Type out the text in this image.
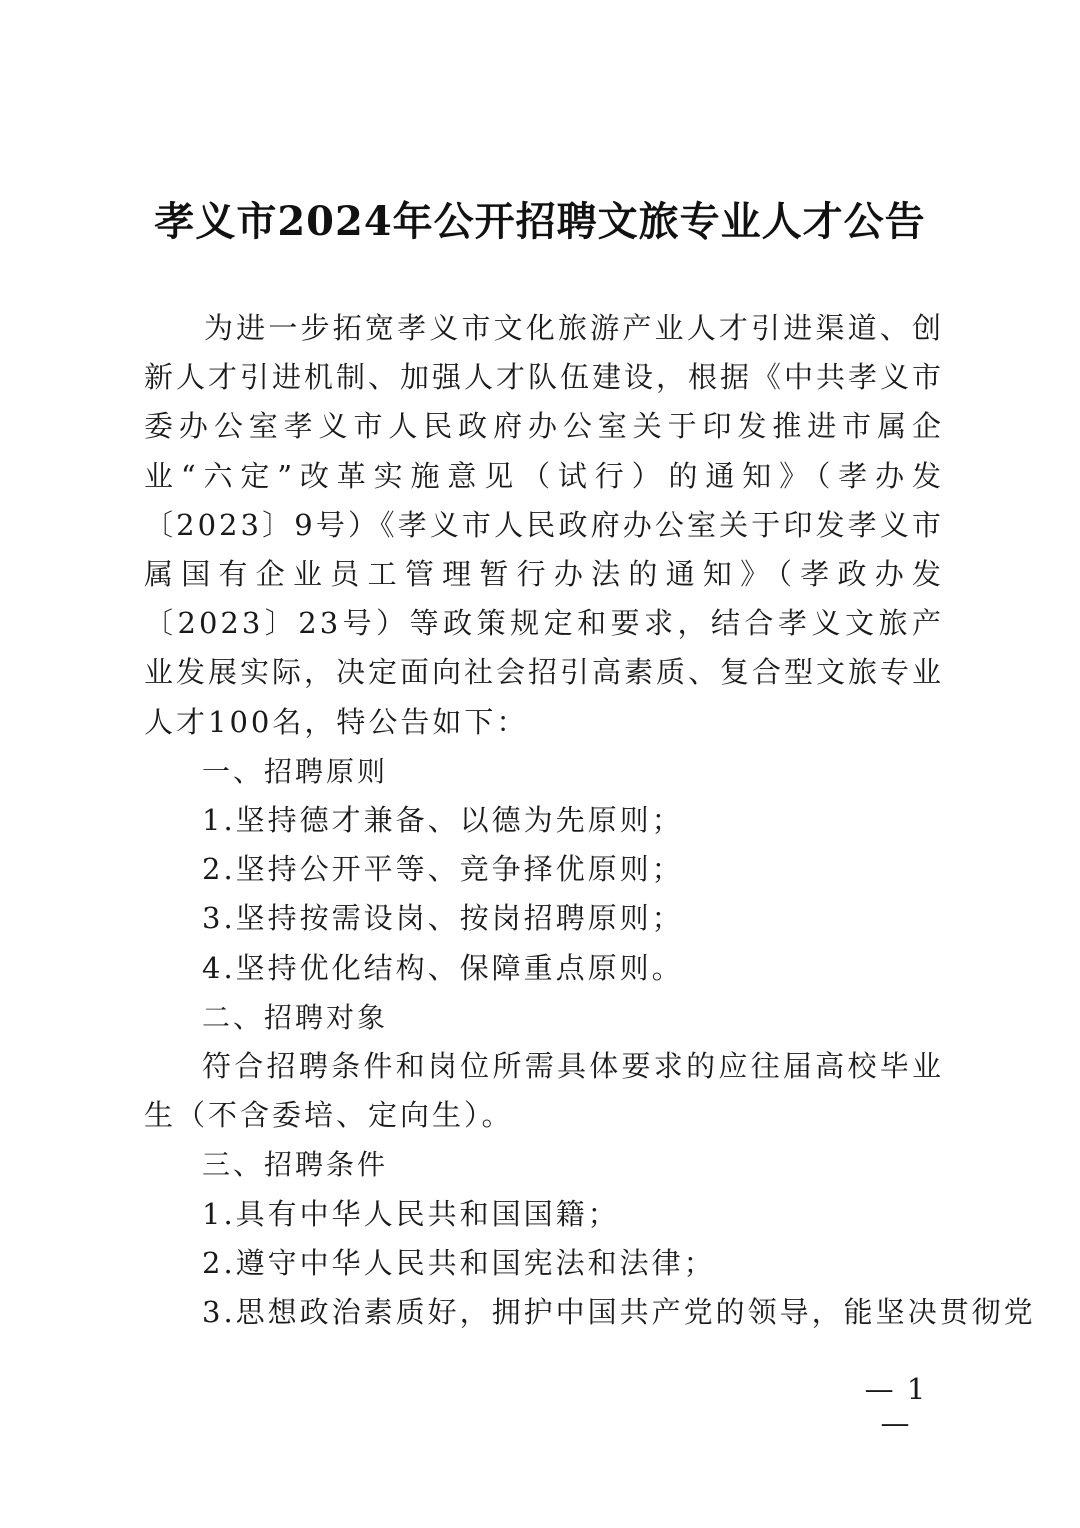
孝义市2024年公开招聘文旅专业人才公告

为进一步拓宽孝义市文化旅游产业人才引进渠道、创新人才引进机制、加强人才队伍建设，根据《中共孝义市委办公室孝义市人民政府办公室关于印发推进市属企业“六定”改革实施意见（试行）的通知》（孝办发〔2023〕9号）《孝义市人民政府办公室关于印发孝义市属国有企业员工管理暂行办法的通知》（孝政办发〔2023〕23号）等政策规定和要求，结合孝义文旅产业发展实际，决定面向社会招引高素质、复合型文旅专业人才100名，特公告如下：

一、招聘原则

1.坚持德才兼备、以德为先原则；

2.坚持公开平等、竞争择优原则；

3.坚持按需设岗、按岗招聘原则；

4.坚持优化结构、保障重点原则。

二、招聘对象

符合招聘条件和岗位所需具体要求的应往届高校毕业生（不含委培、定向生）。

三、招聘条件

1.具有中华人民共和国国籍；

2.遵守中华人民共和国宪法和法律；

3.思想政治素质好，拥护中国共产党的领导，能坚决贯彻党

— 1 —
